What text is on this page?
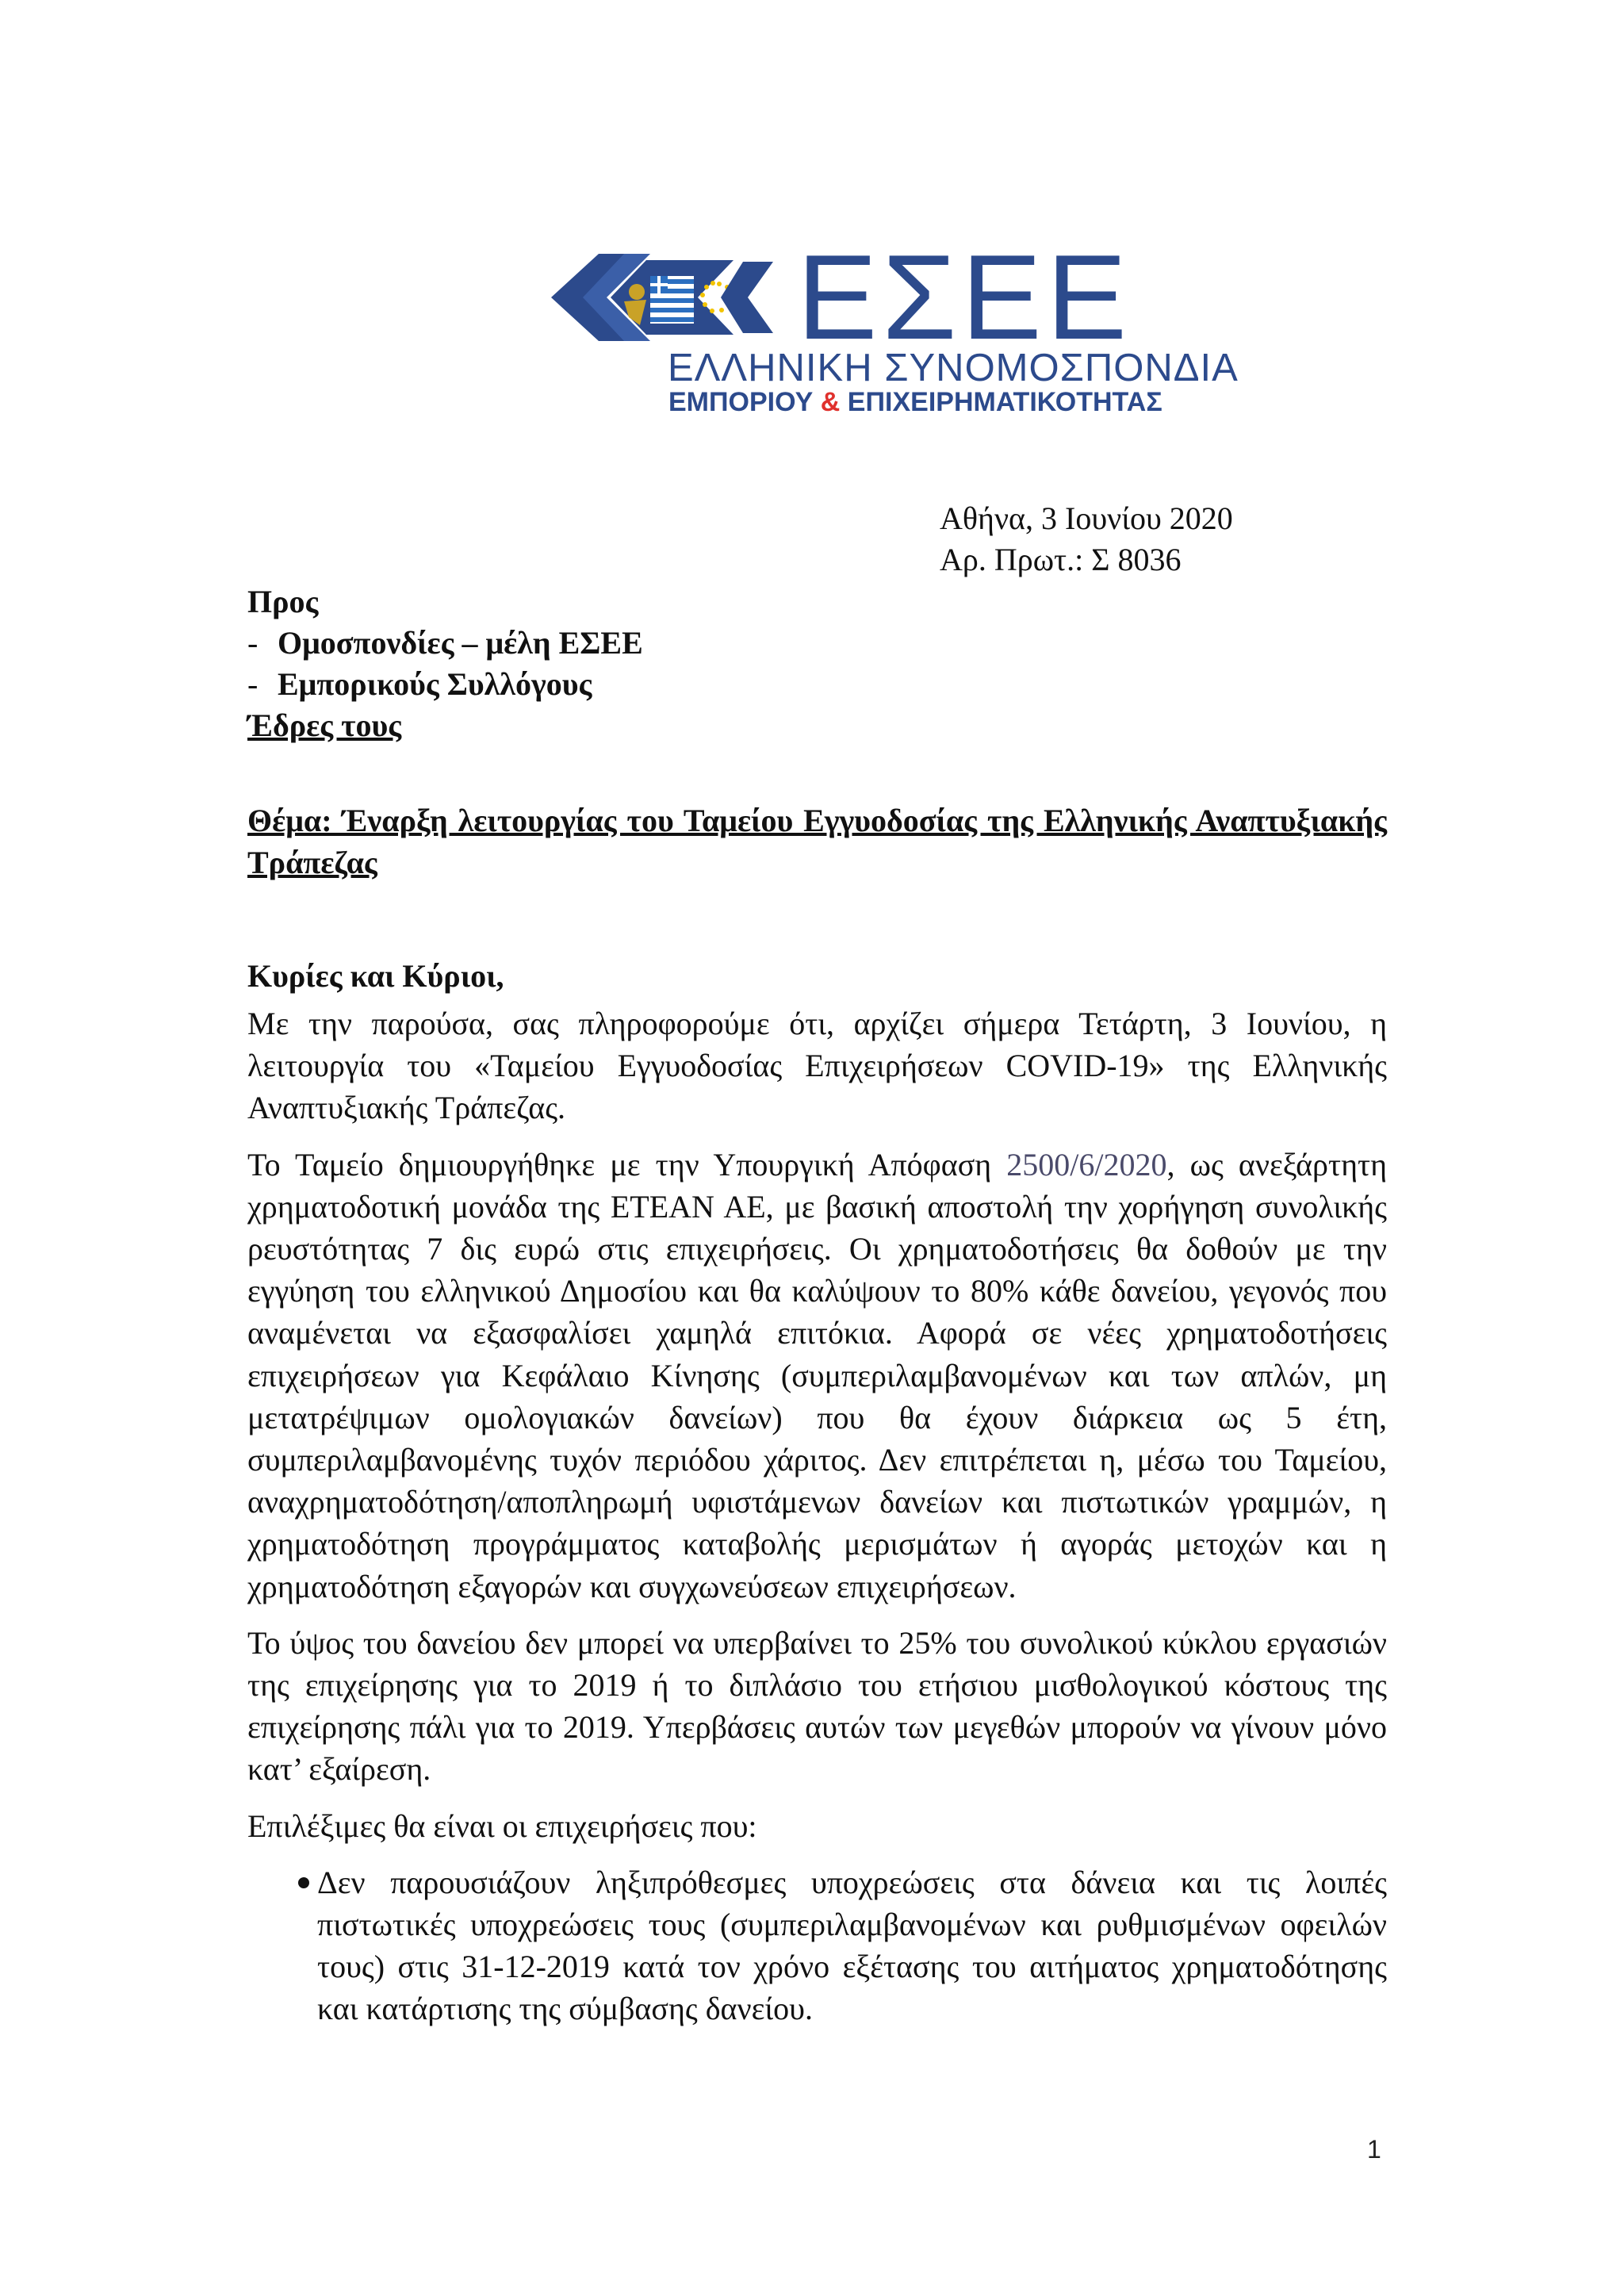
ΕΣΕΕ
ΕΛΛΗΝΙΚΗ ΣΥΝΟΜΟΣΠΟΝΔΙΑ
ΕΜΠΟΡΙΟΥ & ΕΠΙΧΕΙΡΗΜΑΤΙΚΟΤΗΤΑΣ
Αθήνα, 3 Ιουνίου 2020
Αρ. Πρωτ.: Σ 8036
Προς
- Ομοσπονδίες – μέλη ΕΣΕΕ
- Εμπορικούς Συλλόγους
Έδρες τους
Θέμα: Έναρξη λειτουργίας του Ταμείου Εγγυοδοσίας της Ελληνικής Αναπτυξιακής Τράπεζας
Κυρίες και Κύριοι,

Με την παρούσα, σας πληροφορούμε ότι, αρχίζει σήμερα Τετάρτη, 3 Ιουνίου, η λειτουργία του «Ταμείου Εγγυοδοσίας Επιχειρήσεων COVID-19» της Ελληνικής Αναπτυξιακής Τράπεζας.

Το Ταμείο δημιουργήθηκε με την Υπουργική Απόφαση 2500/6/2020, ως ανεξάρτητη χρηματοδοτική μονάδα της ΕΤΕΑΝ ΑΕ, με βασική αποστολή την χορήγηση συνολικής ρευστότητας 7 δις ευρώ στις επιχειρήσεις. Οι χρηματοδοτήσεις θα δοθούν με την εγγύηση του ελληνικού Δημοσίου και θα καλύψουν το 80% κάθε δανείου, γεγονός που αναμένεται να εξασφαλίσει χαμηλά επιτόκια. Αφορά σε νέες χρηματοδοτήσεις επιχειρήσεων για Κεφάλαιο Κίνησης (συμπεριλαμβανομένων και των απλών, μη μετατρέψιμων ομολογιακών δανείων) που θα έχουν διάρκεια ως 5 έτη, συμπεριλαμβανομένης τυχόν περιόδου χάριτος. Δεν επιτρέπεται η, μέσω του Ταμείου, αναχρηματοδότηση/αποπληρωμή υφιστάμενων δανείων και πιστωτικών γραμμών, η χρηματοδότηση προγράμματος καταβολής μερισμάτων ή αγοράς μετοχών και η χρηματοδότηση εξαγορών και συγχωνεύσεων επιχειρήσεων.

Το ύψος του δανείου δεν μπορεί να υπερβαίνει το 25% του συνολικού κύκλου εργασιών της επιχείρησης για το 2019 ή το διπλάσιο του ετήσιου μισθολογικού κόστους της επιχείρησης πάλι για το 2019. Υπερβάσεις αυτών των μεγεθών μπορούν να γίνουν μόνο κατ’ εξαίρεση.

Επιλέξιμες θα είναι οι επιχειρήσεις που:

Δεν παρουσιάζουν ληξιπρόθεσμες υποχρεώσεις στα δάνεια και τις λοιπές πιστωτικές υποχρεώσεις τους (συμπεριλαμβανομένων και ρυθμισμένων οφειλών τους) στις 31-12-2019 κατά τον χρόνο εξέτασης του αιτήματος χρηματοδότησης και κατάρτισης της σύμβασης δανείου.
1
